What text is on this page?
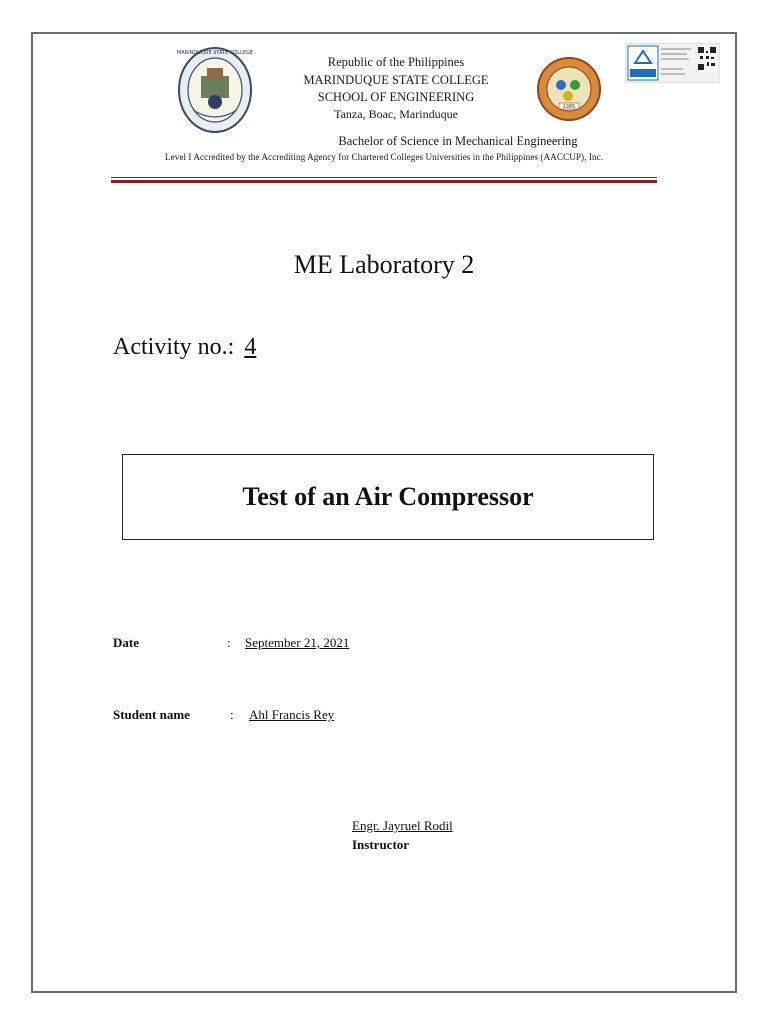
MARINDUQUE STATE COLLEGE
1985
Republic of the Philippines
MARINDUQUE STATE COLLEGE
SCHOOL OF ENGINEERING
Tanza, Boac, Marinduque
Bachelor of Science in Mechanical Engineering
Level I Accredited by the Accrediting Agency for Chartered Colleges Universities in the Philippines (AACCUP), Inc.
ME Laboratory 2
Activity no.: 4
Test of an Air Compressor
Date	: September 21, 2021
Student name	: Ahl Francis Rey
Engr. Jayruel Rodil
Instructor
